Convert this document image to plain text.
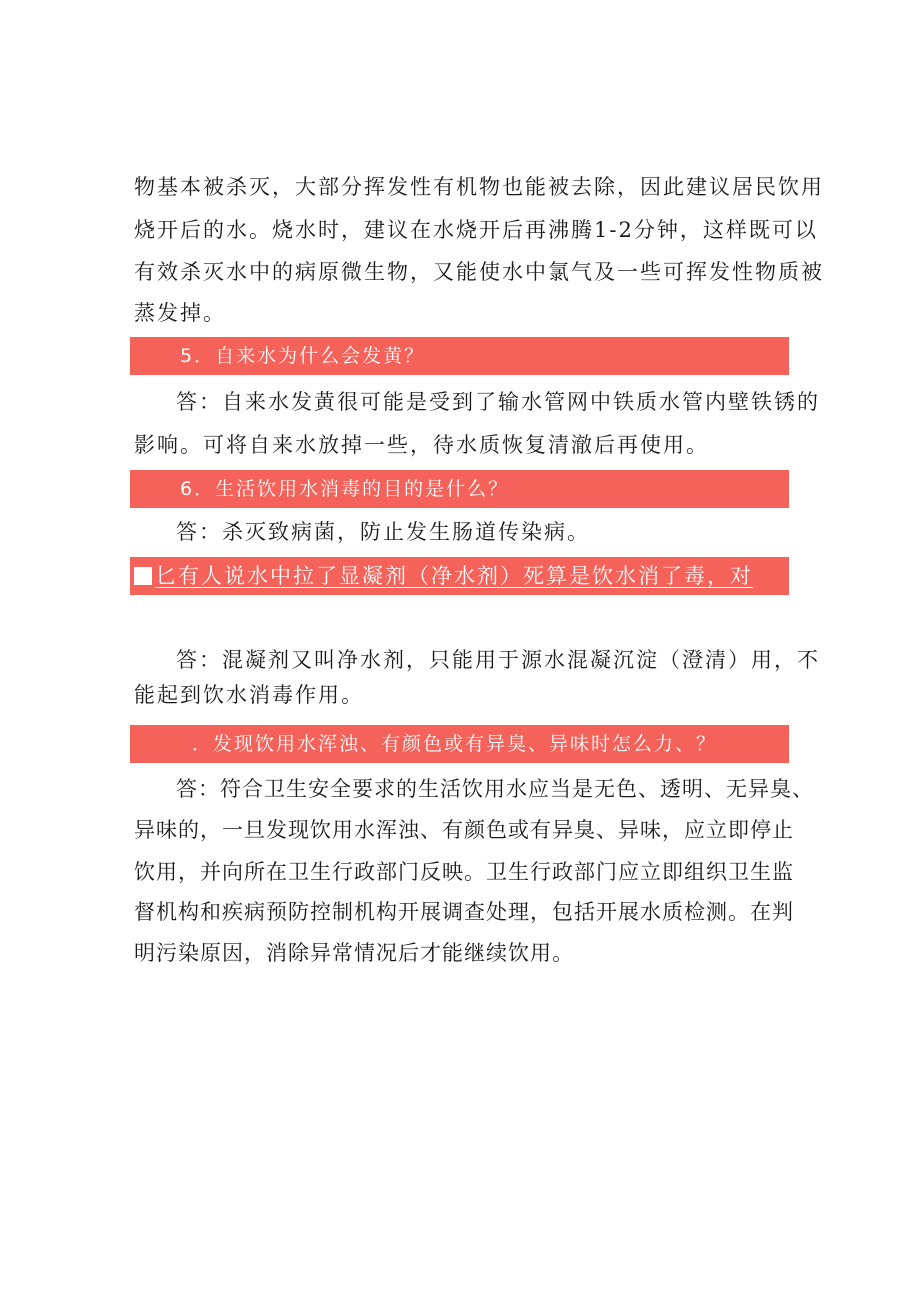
物基本被杀灭，大部分挥发性有机物也能被去除，因此建议居民饮用
烧开后的水。烧水时，建议在水烧开后再沸腾1-2分钟，这样既可以
有效杀灭水中的病原微生物，又能使水中氯气及一些可挥发性物质被
蒸发掉。
5．自来水为什么会发黄？
答：自来水发黄很可能是受到了输水管网中铁质水管内壁铁锈的
影响。可将自来水放掉一些，待水质恢复清澈后再使用。
6．生活饮用水消毒的目的是什么？
答：杀灭致病菌，防止发生肠道传染病。
匕有人说水中拉了显凝剂（净水剂）死算是饮水消了毒，对
答：混凝剂又叫净水剂，只能用于源水混凝沉淀（澄清）用，不
能起到饮水消毒作用。
．发现饮用水浑浊、有颜色或有异臭、异味时怎么力、？
答：符合卫生安全要求的生活饮用水应当是无色、透明、无异臭、
异味的，一旦发现饮用水浑浊、有颜色或有异臭、异味，应立即停止
饮用，并向所在卫生行政部门反映。卫生行政部门应立即组织卫生监
督机构和疾病预防控制机构开展调查处理，包括开展水质检测。在判
明污染原因，消除异常情况后才能继续饮用。
